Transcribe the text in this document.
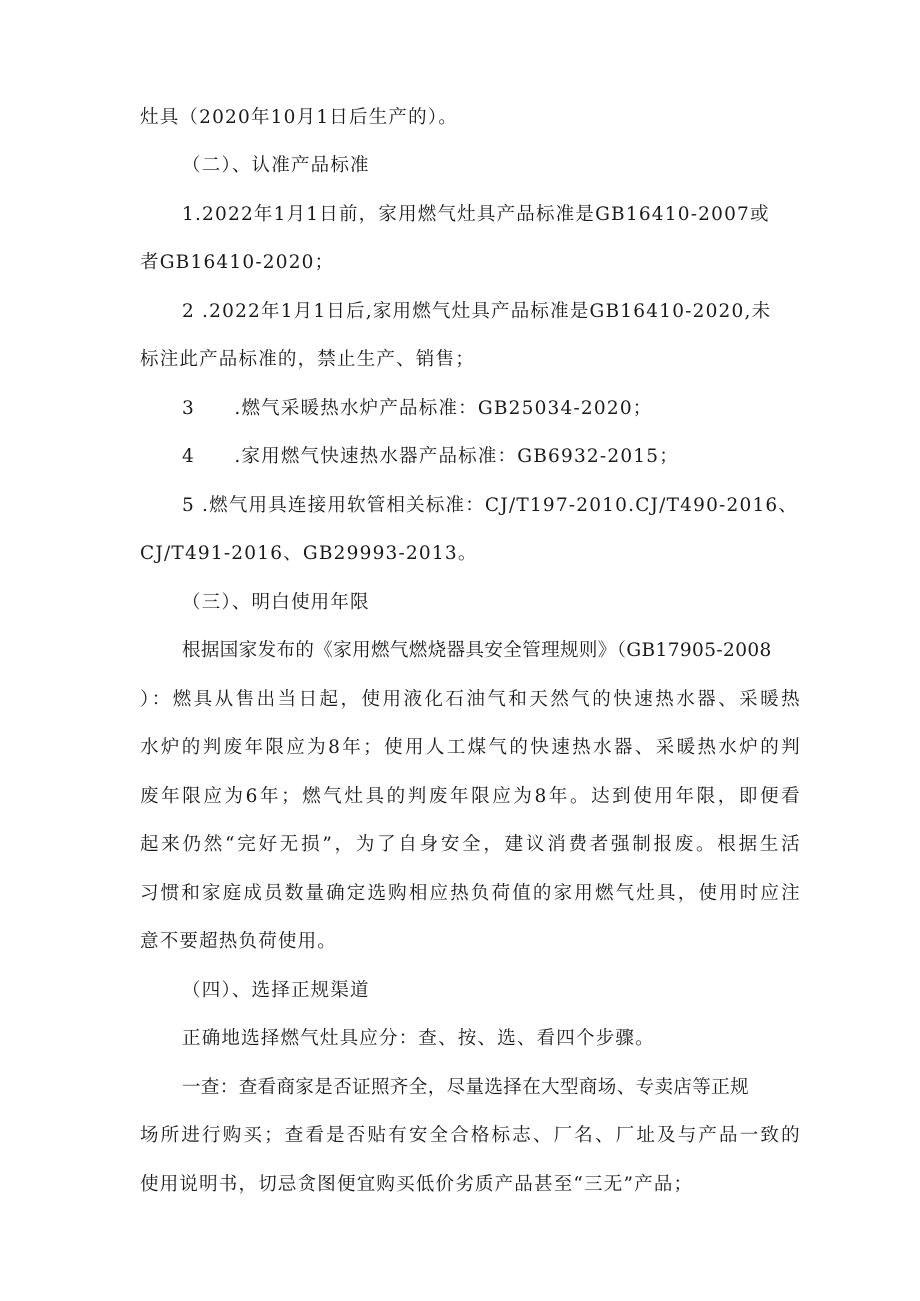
灶具（2020年10月1日后生产的）。
（二）、认准产品标准
1.2022年1月1日前，家用燃气灶具产品标准是GB16410-2007或
者GB16410-2020；
2 .2022年1月1日后,家用燃气灶具产品标准是GB16410-2020,未
标注此产品标准的，禁止生产、销售；
3　　.燃气采暖热水炉产品标准：GB25034-2020；
4　　.家用燃气快速热水器产品标准：GB6932-2015；
5 .燃气用具连接用软管相关标准：CJ/T197-2010.CJ/T490-2016、
CJ/T491-2016、GB29993-2013。
（三）、明白使用年限
根据国家发布的《家用燃气燃烧器具安全管理规则》（GB17905-2008
）：燃具从售出当日起，使用液化石油气和天然气的快速热水器、采暖热
水炉的判废年限应为8年；使用人工煤气的快速热水器、采暖热水炉的判
废年限应为6年；燃气灶具的判废年限应为8年。达到使用年限，即便看
起来仍然“完好无损”，为了自身安全，建议消费者强制报废。根据生活
习惯和家庭成员数量确定选购相应热负荷值的家用燃气灶具，使用时应注
意不要超热负荷使用。
（四）、选择正规渠道
正确地选择燃气灶具应分：查、按、选、看四个步骤。
一查：查看商家是否证照齐全，尽量选择在大型商场、专卖店等正规
场所进行购买；查看是否贴有安全合格标志、厂名、厂址及与产品一致的
使用说明书，切忌贪图便宜购买低价劣质产品甚至“三无”产品；
